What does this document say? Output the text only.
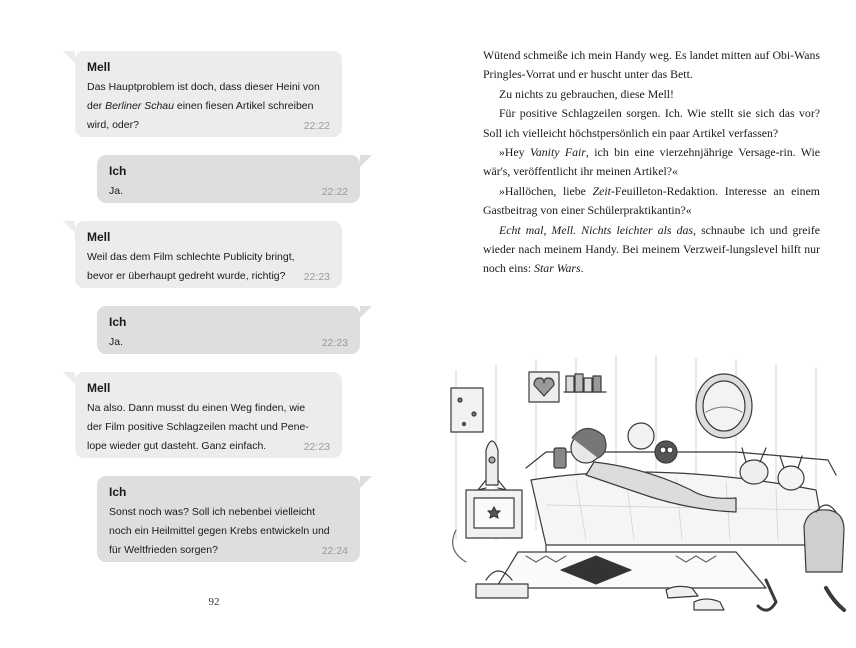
Mell
Das Hauptproblem ist doch, dass dieser Heini von
der Berliner Schau einen fiesen Artikel schreiben
wird, oder?	22:22
Ich
Ja.	22:22
Mell
Weil das dem Film schlechte Publicity bringt,
bevor er überhaupt gedreht wurde, richtig?	22:23
Ich
Ja.	22:23
Mell
Na also. Dann musst du einen Weg finden, wie
der Film positive Schlagzeilen macht und Pene-
lope wieder gut dasteht. Ganz einfach.	22:23
Ich
Sonst noch was? Soll ich nebenbei vielleicht
noch ein Heilmittel gegen Krebs entwickeln und
für Weltfrieden sorgen?	22:24
92

Wütend schmeiße ich mein Handy weg. Es landet mitten auf Obi-Wans Pringles-Vorrat und er huscht unter das Bett.

Zu nichts zu gebrauchen, diese Mell!

Für positive Schlagzeilen sorgen. Ich. Wie stellt sie sich das vor? Soll ich vielleicht höchstpersönlich ein paar Artikel verfassen?

»Hey Vanity Fair, ich bin eine vierzehnjährige Versage-rin. Wie wär's, veröffentlicht ihr meinen Artikel?«

»Hallöchen, liebe Zeit-Feuilleton-Redaktion. Interesse an einem Gastbeitrag von einer Schülerpraktikantin?«

Echt mal, Mell. Nichts leichter als das, schnaube ich und greife wieder nach meinem Handy. Bei meinem Verzweif-lungslevel hilft nur noch eins: Star Wars.
